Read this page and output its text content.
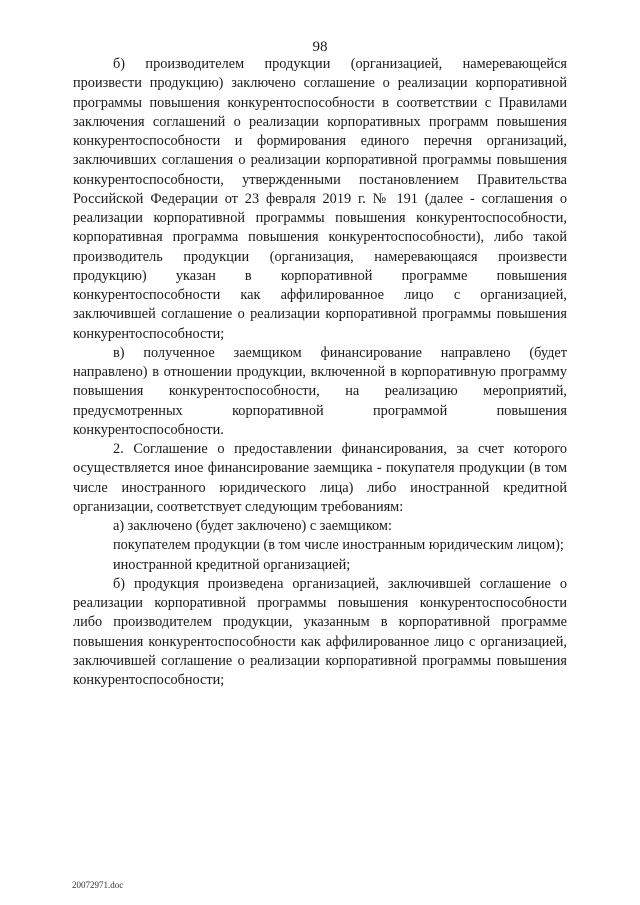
98

б) производителем продукции (организацией, намеревающейся произвести продукцию) заключено соглашение о реализации корпоративной программы повышения конкурентоспособности в соответствии с Правилами заключения соглашений о реализации корпоративных программ повышения конкурентоспособности и формирования единого перечня организаций, заключивших соглашения о реализации корпоративной программы повышения конкурентоспособности, утвержденными постановлением Правительства Российской Федерации от 23 февраля 2019 г. № 191 (далее - соглашения о реализации корпоративной программы повышения конкурентоспособности, корпоративная программа повышения конкурентоспособности), либо такой производитель продукции (организация, намеревающаяся произвести продукцию) указан в корпоративной программе повышения конкурентоспособности как аффилированное лицо с организацией, заключившей соглашение о реализации корпоративной программы повышения конкурентоспособности;

в) полученное заемщиком финансирование направлено (будет направлено) в отношении продукции, включенной в корпоративную программу повышения конкурентоспособности, на реализацию мероприятий, предусмотренных корпоративной программой повышения конкурентоспособности.

2. Соглашение о предоставлении финансирования, за счет которого осуществляется иное финансирование заемщика - покупателя продукции (в том числе иностранного юридического лица) либо иностранной кредитной организации, соответствует следующим требованиям:

а) заключено (будет заключено) с заемщиком:

покупателем продукции (в том числе иностранным юридическим лицом);

иностранной кредитной организацией;

б) продукция произведена организацией, заключившей соглашение о реализации корпоративной программы повышения конкурентоспособности либо производителем продукции, указанным в корпоративной программе повышения конкурентоспособности как аффилированное лицо с организацией, заключившей соглашение о реализации корпоративной программы повышения конкурентоспособности;

20072971.doc
